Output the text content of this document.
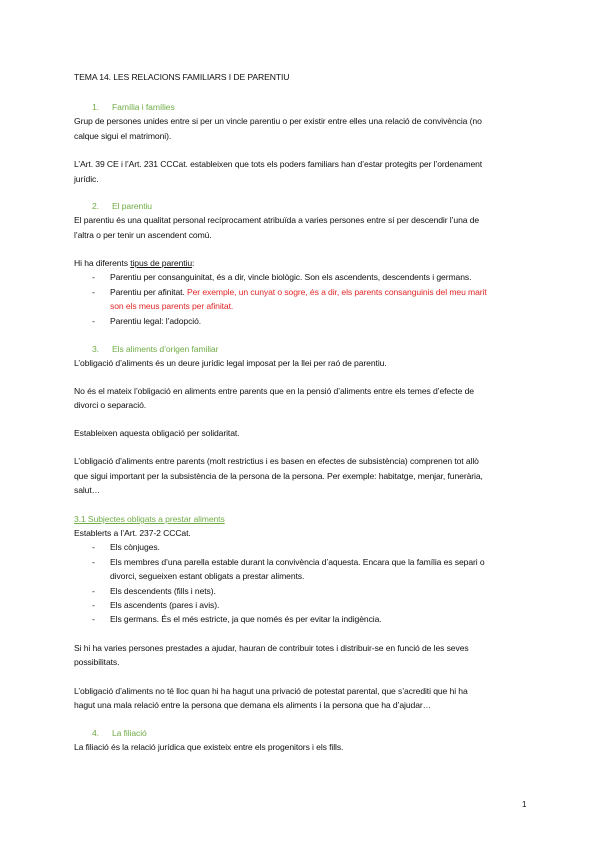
TEMA 14. LES RELACIONS FAMILIARS I DE PARENTIU
1. Família i famílies
Grup de persones unides entre si per un vincle parentiu o per existir entre elles una relació de convivència (no
calque sigui el matrimoni).
L’Art. 39 CE i l’Art. 231 CCCat. estableixen que tots els poders familiars han d’estar protegits per l’ordenament
jurídic.
2. El parentiu
El parentiu és una qualitat personal recíprocament atribuïda a varies persones entre sí per descendir l’una de
l’altra o per tenir un ascendent comú.
Hi ha diferents tipus de parentiu:
- Parentiu per consanguinitat, és a dir, vincle biològic. Son els ascendents, descendents i germans.
- Parentiu per afinitat. Per exemple, un cunyat o sogre, és a dir, els parents consanguinis del meu marit
son els meus parents per afinitat.
- Parentiu legal: l’adopció.
3. Els aliments d’origen familiar
L’obligació d’aliments és un deure jurídic legal imposat per la llei per raó de parentiu.
No és el mateix l’obligació en aliments entre parents que en la pensió d’aliments entre els temes d’efecte de
divorci o separació.
Estableixen aquesta obligació per solidaritat.
L’obligació d’aliments entre parents (molt restrictius i es basen en efectes de subsistència) comprenen tot allò
que sigui important per la subsistència de la persona de la persona. Per exemple: habitatge, menjar, funerària,
salut…
3.1 Subjectes obligats a prestar aliments
Establerts a l’Art. 237-2 CCCat.
- Els cònjuges.
- Els membres d’una parella estable durant la convivència d’aquesta. Encara que la família es separi o
divorci, segueixen estant obligats a prestar aliments.
- Els descendents (fills i nets).
- Els ascendents (pares i avis).
- Els germans. És el més estricte, ja que només és per evitar la indigència.
Si hi ha varies persones prestades a ajudar, hauran de contribuir totes i distribuir-se en funció de les seves
possibilitats.
L’obligació d’aliments no té lloc quan hi ha hagut una privació de potestat parental, que s’acrediti que hi ha
hagut una mala relació entre la persona que demana els aliments i la persona que ha d’ajudar…
4. La filiació
La filiació és la relació jurídica que existeix entre els progenitors i els fills.
1
